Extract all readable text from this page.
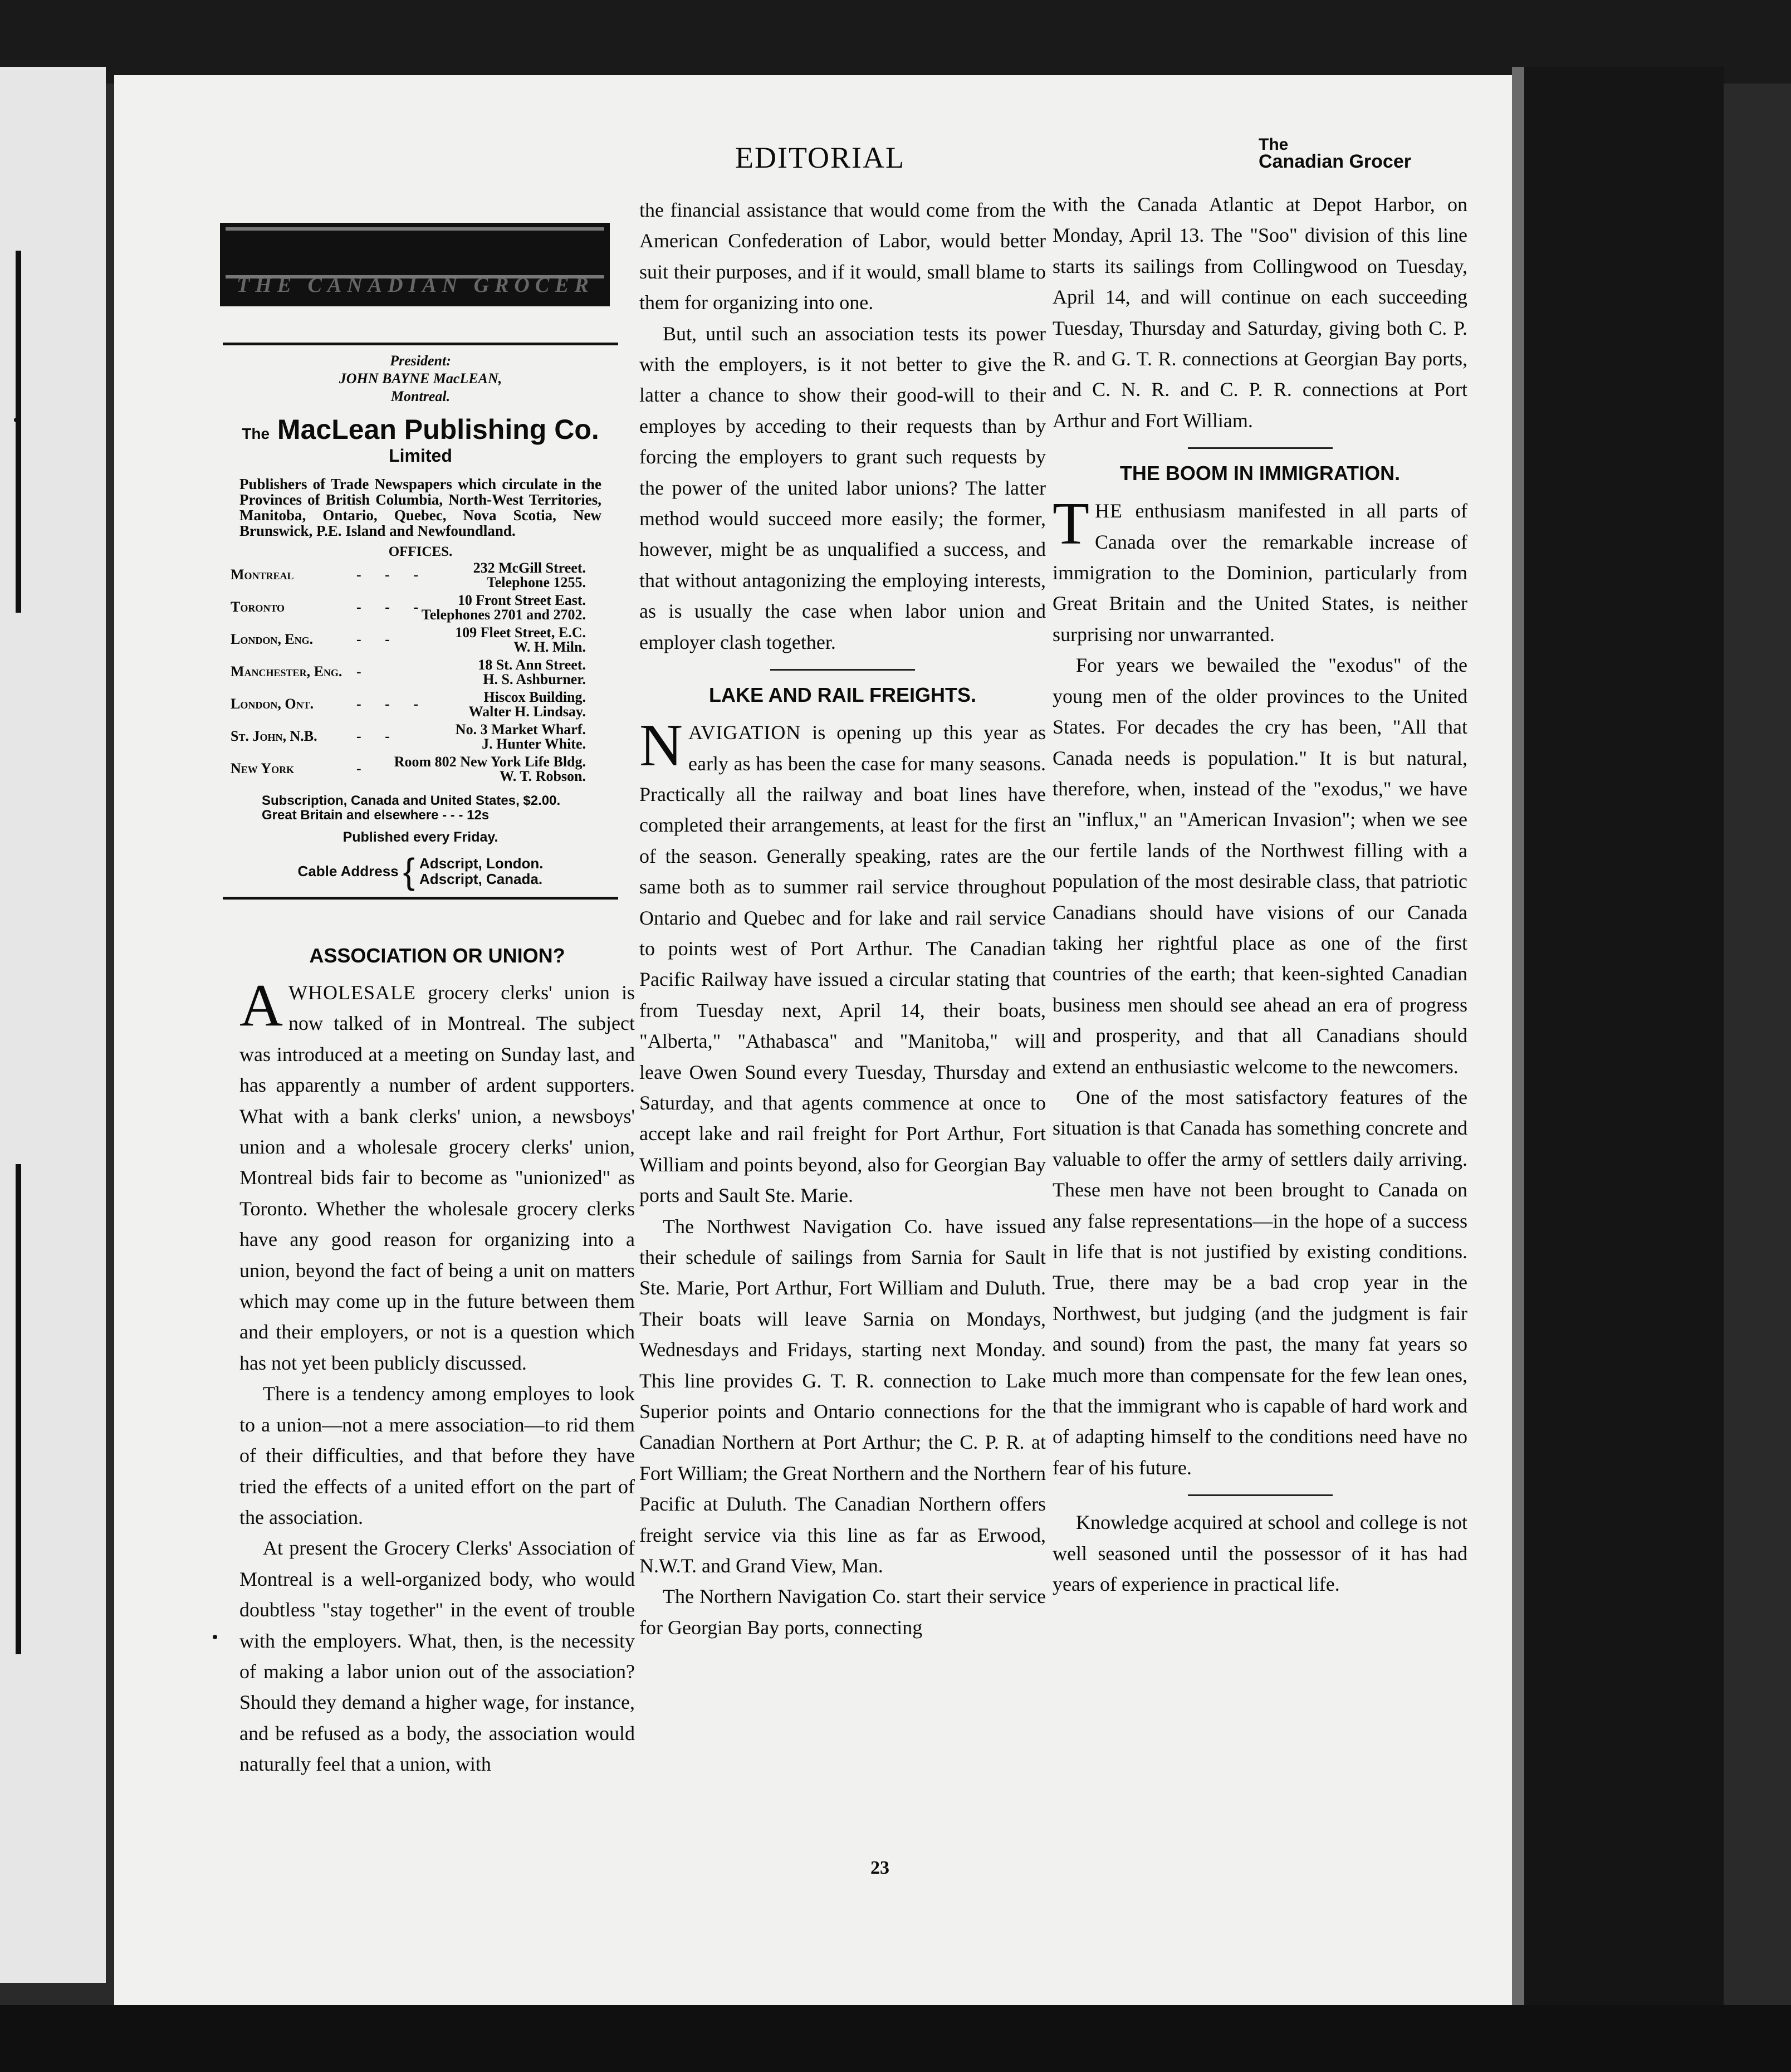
EDITORIAL	The
Canadian Grocer
THE CANADIAN GROCER
President:
JOHN BAYNE MacLEAN,
Montreal.
The MacLean Publishing Co.
Limited
Publishers of Trade Newspapers which circulate in the Provinces of British Columbia, North-West Territories, Manitoba, Ontario, Quebec, Nova Scotia, New Brunswick, P.E. Island and Newfoundland.
OFFICES.
Montreal	- - -	232 McGill Street.
Telephone 1255.
Toronto	- - -	10 Front Street East.
Telephones 2701 and 2702.
London, Eng.	- -	109 Fleet Street, E.C.
W. H. Miln.
Manchester, Eng. -	18 St. Ann Street.
H. S. Ashburner.
London, Ont.	- - -	Hiscox Building.
Walter H. Lindsay.
St. John, N.B.	- -	No. 3 Market Wharf.
J. Hunter White.
New York	- Room 802 New York Life Bldg.
W. T. Robson.
Subscription, Canada and United States, $2.00.
Great Britain and elsewhere - - - 12s
Published every Friday.
Cable Address { Adscript, London.
Adscript, Canada.
ASSOCIATION OR UNION?

AWHOLESALE grocery clerks' union is now talked of in Montreal. The subject was introduced at a meeting on Sunday last, and has apparently a number of ardent supporters. What with a bank clerks' union, a newsboys' union and a wholesale grocery clerks' union, Montreal bids fair to become as "unionized" as Toronto. Whether the wholesale grocery clerks have any good reason for organizing into a union, beyond the fact of being a unit on matters which may come up in the future between them and their employers, or not is a question which has not yet been publicly discussed.

There is a tendency among employes to look to a union—not a mere association—to rid them of their difficulties, and that before they have tried the effects of a united effort on the part of the association.

At present the Grocery Clerks' Association of Montreal is a well-organized body, who would doubtless "stay together" in the event of trouble with the employers. What, then, is the necessity of making a labor union out of the association? Should they demand a higher wage, for instance, and be refused as a body, the association would naturally feel that a union, with

the financial assistance that would come from the American Confederation of Labor, would better suit their purposes, and if it would, small blame to them for organizing into one.

But, until such an association tests its power with the employers, is it not better to give the latter a chance to show their good-will to their employes by acceding to their requests than by forcing the employers to grant such requests by the power of the united labor unions? The latter method would succeed more easily; the former, however, might be as unqualified a success, and that without antagonizing the employing interests, as is usually the case when labor union and employer clash together.

LAKE AND RAIL FREIGHTS.

NAVIGATION is opening up this year as early as has been the case for many seasons. Practically all the railway and boat lines have completed their arrangements, at least for the first of the season. Generally speaking, rates are the same both as to summer rail service throughout Ontario and Quebec and for lake and rail service to points west of Port Arthur. The Canadian Pacific Railway have issued a circular stating that from Tuesday next, April 14, their boats, "Alberta," "Athabasca" and "Manitoba," will leave Owen Sound every Tuesday, Thursday and Saturday, and that agents commence at once to accept lake and rail freight for Port Arthur, Fort William and points beyond, also for Georgian Bay ports and Sault Ste. Marie.

The Northwest Navigation Co. have issued their schedule of sailings from Sarnia for Sault Ste. Marie, Port Arthur, Fort William and Duluth. Their boats will leave Sarnia on Mondays, Wednesdays and Fridays, starting next Monday. This line provides G. T. R. connection to Lake Superior points and Ontario connections for the Canadian Northern at Port Arthur; the C. P. R. at Fort William; the Great Northern and the Northern Pacific at Duluth. The Canadian Northern offers freight service via this line as far as Erwood, N.W.T. and Grand View, Man.

The Northern Navigation Co. start their service for Georgian Bay ports, connecting

with the Canada Atlantic at Depot Harbor, on Monday, April 13. The "Soo" division of this line starts its sailings from Collingwood on Tuesday, April 14, and will continue on each succeeding Tuesday, Thursday and Saturday, giving both C. P. R. and G. T. R. connections at Georgian Bay ports, and C. N. R. and C. P. R. connections at Port Arthur and Fort William.

THE BOOM IN IMMIGRATION.

THE enthusiasm manifested in all parts of Canada over the remarkable increase of immigration to the Dominion, particularly from Great Britain and the United States, is neither surprising nor unwarranted.

For years we bewailed the "exodus" of the young men of the older provinces to the United States. For decades the cry has been, "All that Canada needs is population." It is but natural, therefore, when, instead of the "exodus," we have an "influx," an "American Invasion"; when we see our fertile lands of the Northwest filling with a population of the most desirable class, that patriotic Canadians should have visions of our Canada taking her rightful place as one of the first countries of the earth; that keen-sighted Canadian business men should see ahead an era of progress and prosperity, and that all Canadians should extend an enthusiastic welcome to the newcomers.

One of the most satisfactory features of the situation is that Canada has something concrete and valuable to offer the army of settlers daily arriving. These men have not been brought to Canada on any false representations—in the hope of a success in life that is not justified by existing conditions. True, there may be a bad crop year in the Northwest, but judging (and the judgment is fair and sound) from the past, the many fat years so much more than compensate for the few lean ones, that the immigrant who is capable of hard work and of adapting himself to the conditions need have no fear of his future.

Knowledge acquired at school and college is not well seasoned until the possessor of it has had years of experience in practical life.

23
